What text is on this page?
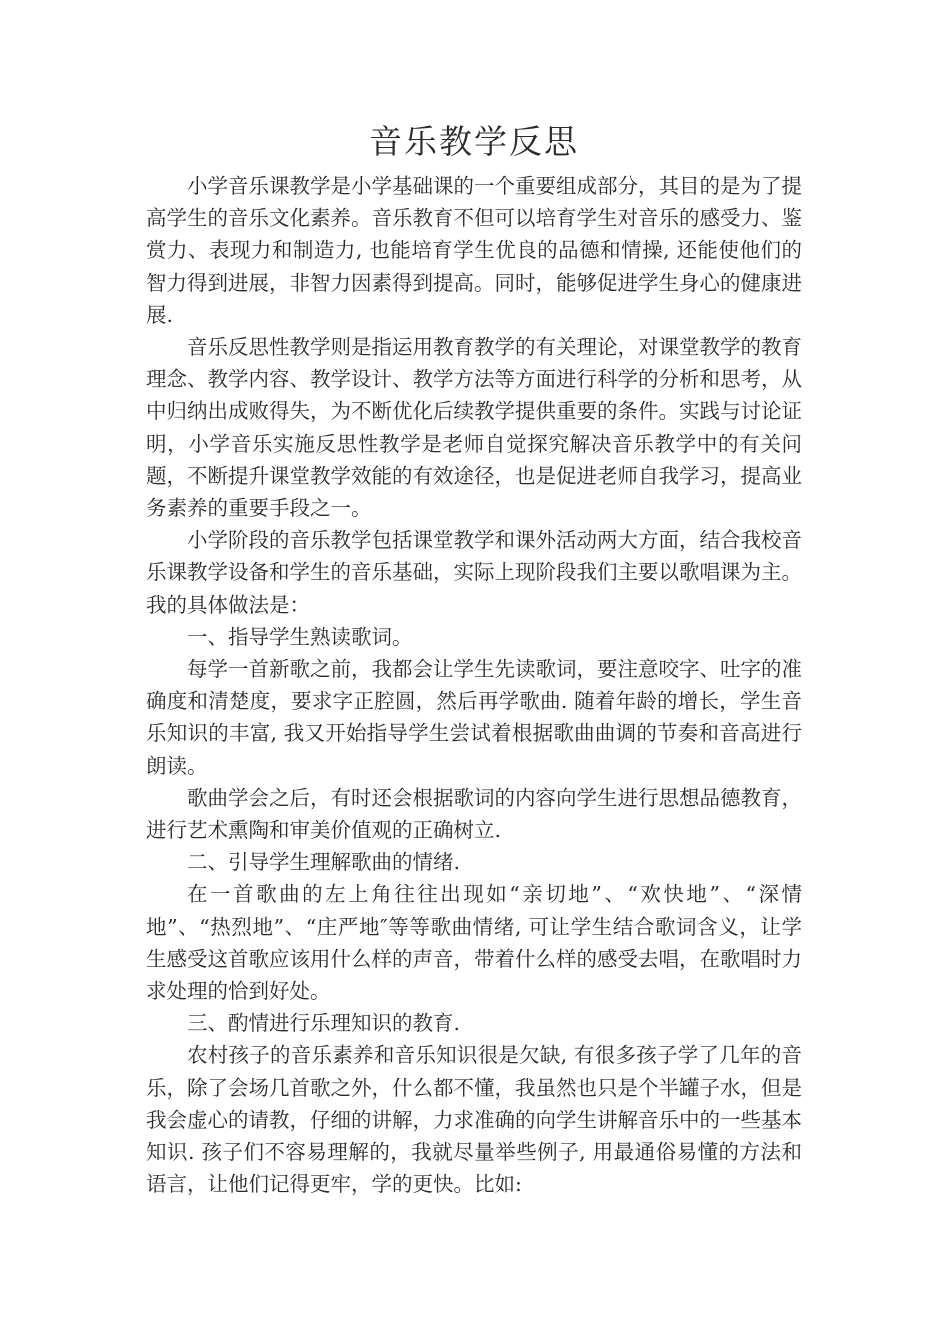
音乐教学反思

小学音乐课教学是小学基础课的一个重要组成部分，其目的是为了提高学生的音乐文化素养。音乐教育不但可以培育学生对音乐的感受力、鉴赏力、表现力和制造力, 也能培育学生优良的品德和情操, 还能使他们的智力得到进展，非智力因素得到提高。同时，能够促进学生身心的健康进展.

音乐反思性教学则是指运用教育教学的有关理论，对课堂教学的教育理念、教学内容、教学设计、教学方法等方面进行科学的分析和思考，从中归纳出成败得失，为不断优化后续教学提供重要的条件。实践与讨论证明，小学音乐实施反思性教学是老师自觉探究解决音乐教学中的有关问题，不断提升课堂教学效能的有效途径，也是促进老师自我学习，提高业务素养的重要手段之一。

小学阶段的音乐教学包括课堂教学和课外活动两大方面，结合我校音乐课教学设备和学生的音乐基础，实际上现阶段我们主要以歌唱课为主。我的具体做法是：

一、指导学生熟读歌词。

每学一首新歌之前，我都会让学生先读歌词，要注意咬字、吐字的准确度和清楚度，要求字正腔圆，然后再学歌曲. 随着年龄的增长，学生音乐知识的丰富, 我又开始指导学生尝试着根据歌曲曲调的节奏和音高进行朗读。

歌曲学会之后，有时还会根据歌词的内容向学生进行思想品德教育，进行艺术熏陶和审美价值观的正确树立.

二、引导学生理解歌曲的情绪.

在一首歌曲的左上角往往出现如“亲切地”、“欢快地”、“深情地”、“热烈地”、“庄严地″等等歌曲情绪, 可让学生结合歌词含义，让学生感受这首歌应该用什么样的声音，带着什么样的感受去唱，在歌唱时力求处理的恰到好处。

三、酌情进行乐理知识的教育.

农村孩子的音乐素养和音乐知识很是欠缺, 有很多孩子学了几年的音乐，除了会场几首歌之外，什么都不懂，我虽然也只是个半罐子水，但是我会虚心的请教，仔细的讲解，力求准确的向学生讲解音乐中的一些基本知识. 孩子们不容易理解的，我就尽量举些例子, 用最通俗易懂的方法和语言，让他们记得更牢，学的更快。比如:
